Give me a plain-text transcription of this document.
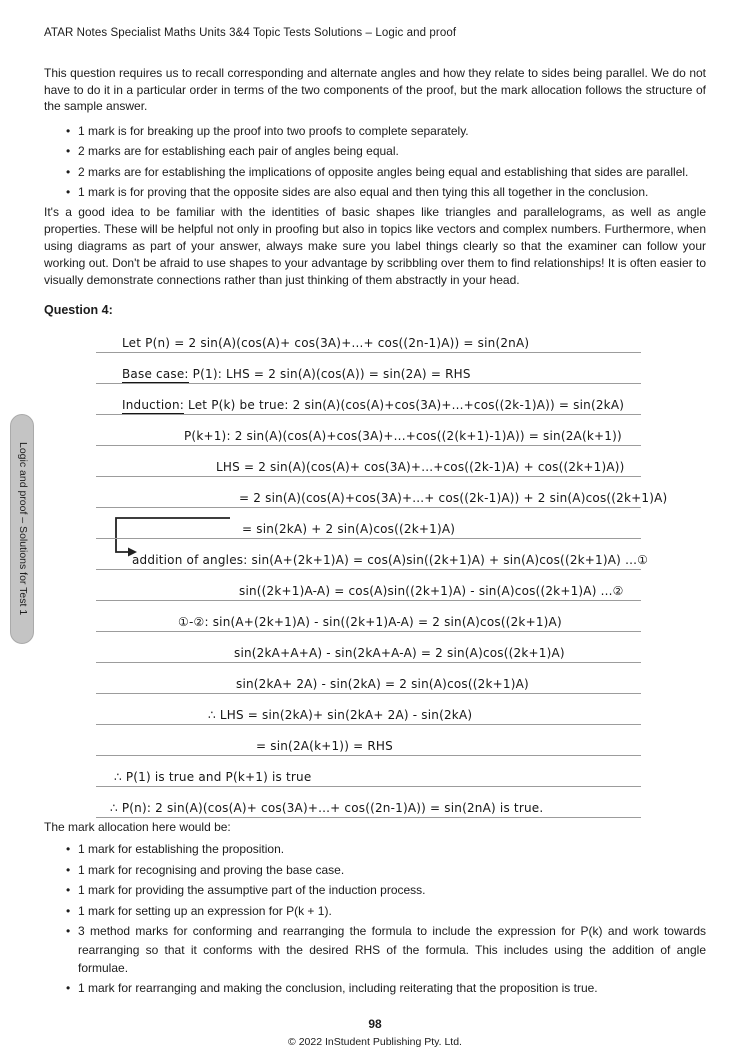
ATAR Notes Specialist Maths Units 3&4 Topic Tests Solutions – Logic and proof
Logic and proof – Solutions for Test 1
This question requires us to recall corresponding and alternate angles and how they relate to sides being parallel. We do not have to do it in a particular order in terms of the two components of the proof, but the mark allocation follows the structure of the sample answer.
• 1 mark is for breaking up the proof into two proofs to complete separately.
• 2 marks are for establishing each pair of angles being equal.
• 2 marks are for establishing the implications of opposite angles being equal and establishing that sides are parallel.
• 1 mark is for proving that the opposite sides are also equal and then tying this all together in the conclusion.
It's a good idea to be familiar with the identities of basic shapes like triangles and parallelograms, as well as angle properties. These will be helpful not only in proofing but also in topics like vectors and complex numbers. Furthermore, when using diagrams as part of your answer, always make sure you label things clearly so that the examiner can follow your working out. Don't be afraid to use shapes to your advantage by scribbling over them to find relationships! It is often easier to visually demonstrate connections rather than just thinking of them abstractly in your head.
Question 4:
Let P(n) = 2 sin(A)(cos(A)+ cos(3A)+...+ cos((2n-1)A)) = sin(2nA)
Base case: P(1): LHS = 2 sin(A)(cos(A)) = sin(2A) = RHS
Induction: Let P(k) be true: 2 sin(A)(cos(A)+cos(3A)+...+cos((2k-1)A)) = sin(2kA)
P(k+1): 2 sin(A)(cos(A)+cos(3A)+...+cos((2(k+1)-1)A)) = sin(2A(k+1))
LHS = 2 sin(A)(cos(A)+ cos(3A)+...+cos((2k-1)A) + cos((2k+1)A))
= 2 sin(A)(cos(A)+cos(3A)+...+ cos((2k-1)A)) + 2 sin(A)cos((2k+1)A)
= sin(2kA) + 2 sin(A)cos((2k+1)A)
addition of angles: sin(A+(2k+1)A) = cos(A)sin((2k+1)A) + sin(A)cos((2k+1)A) ...①
sin((2k+1)A-A) = cos(A)sin((2k+1)A) - sin(A)cos((2k+1)A) ...②
①-②: sin(A+(2k+1)A) - sin((2k+1)A-A) = 2 sin(A)cos((2k+1)A)
sin(2kA+A+A) - sin(2kA+A-A) = 2 sin(A)cos((2k+1)A)
sin(2kA+ 2A) - sin(2kA) = 2 sin(A)cos((2k+1)A)
∴ LHS = sin(2kA)+ sin(2kA+ 2A) - sin(2kA)
= sin(2A(k+1)) = RHS
∴ P(1) is true and P(k+1) is true
∴ P(n): 2 sin(A)(cos(A)+ cos(3A)+...+ cos((2n-1)A)) = sin(2nA) is true.
The mark allocation here would be:
• 1 mark for establishing the proposition.
• 1 mark for recognising and proving the base case.
• 1 mark for providing the assumptive part of the induction process.
• 1 mark for setting up an expression for P(k + 1).
• 3 method marks for conforming and rearranging the formula to include the expression for P(k) and work towards rearranging so that it conforms with the desired RHS of the formula. This includes using the addition of angle formulae.
• 1 mark for rearranging and making the conclusion, including reiterating that the proposition is true.
98
© 2022 InStudent Publishing Pty. Ltd.
